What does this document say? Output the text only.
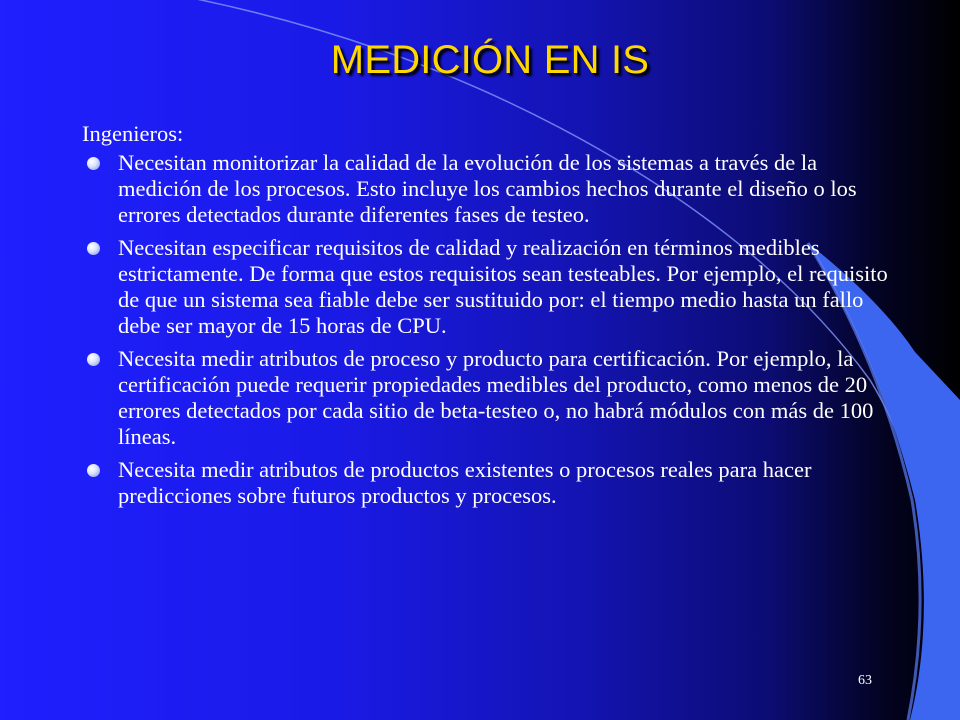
MEDICIÓN EN IS

Ingenieros:

Necesitan monitorizar la calidad de la evolución de los sistemas a través de la medición de los procesos. Esto incluye los cambios hechos durante el diseño o los errores detectados durante diferentes fases de testeo.
Necesitan especificar requisitos de calidad y realización en términos medibles estrictamente. De forma que estos requisitos sean testeables. Por ejemplo, el requisito de que un sistema sea fiable debe ser sustituido por: el tiempo medio hasta un fallo debe ser mayor de 15 horas de CPU.
Necesita medir atributos de proceso y producto para certificación. Por ejemplo, la certificación puede requerir propiedades medibles del producto, como menos de 20 errores detectados por cada sitio de beta-testeo o, no habrá módulos con más de 100 líneas.
Necesita medir atributos de productos existentes o procesos reales para hacer predicciones sobre futuros productos y procesos.
63
